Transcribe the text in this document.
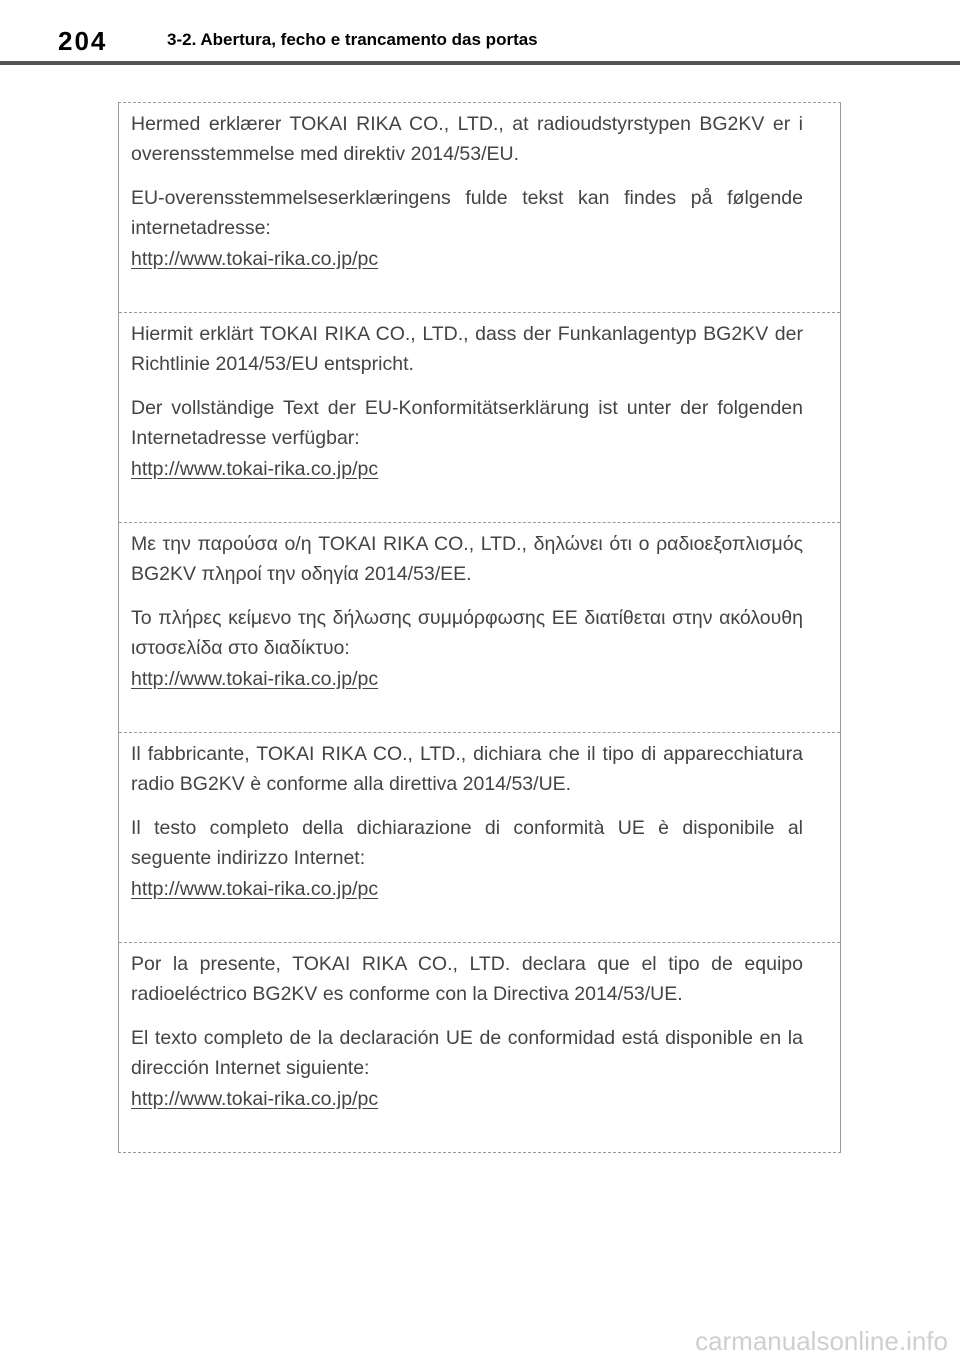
204	3-2. Abertura, fecho e trancamento das portas

Hermed erklærer TOKAI RIKA CO., LTD., at radioudstyrstypen BG2KV er i overensstemmelse med direktiv 2014/53/EU.

EU-overensstemmelseserklæringens fulde tekst kan findes på følgende internetadresse:

http://www.tokai-rika.co.jp/pc

Hiermit erklärt TOKAI RIKA CO., LTD., dass der Funkanlagentyp BG2KV der Richtlinie 2014/53/EU entspricht.

Der vollständige Text der EU-Konformitätserklärung ist unter der folgenden Internetadresse verfügbar:

http://www.tokai-rika.co.jp/pc

Με την παρούσα ο/η TOKAI RIKA CO., LTD., δηλώνει ότι ο ραδιοεξοπλισμός BG2KV πληροί την οδηγία 2014/53/EE.

Το πλήρες κείμενο της δήλωσης συμμόρφωσης ΕΕ διατίθεται στην ακόλουθη ιστοσελίδα στο διαδίκτυο:

http://www.tokai-rika.co.jp/pc

Il fabbricante, TOKAI RIKA CO., LTD., dichiara che il tipo di apparecchiatura radio BG2KV è conforme alla direttiva 2014/53/UE.

Il testo completo della dichiarazione di conformità UE è disponibile al seguente indirizzo Internet:

http://www.tokai-rika.co.jp/pc

Por la presente, TOKAI RIKA CO., LTD. declara que el tipo de equipo radioeléctrico BG2KV es conforme con la Directiva 2014/53/UE.

El texto completo de la declaración UE de conformidad está disponible en la dirección Internet siguiente:

http://www.tokai-rika.co.jp/pc
carmanualsonline.info
